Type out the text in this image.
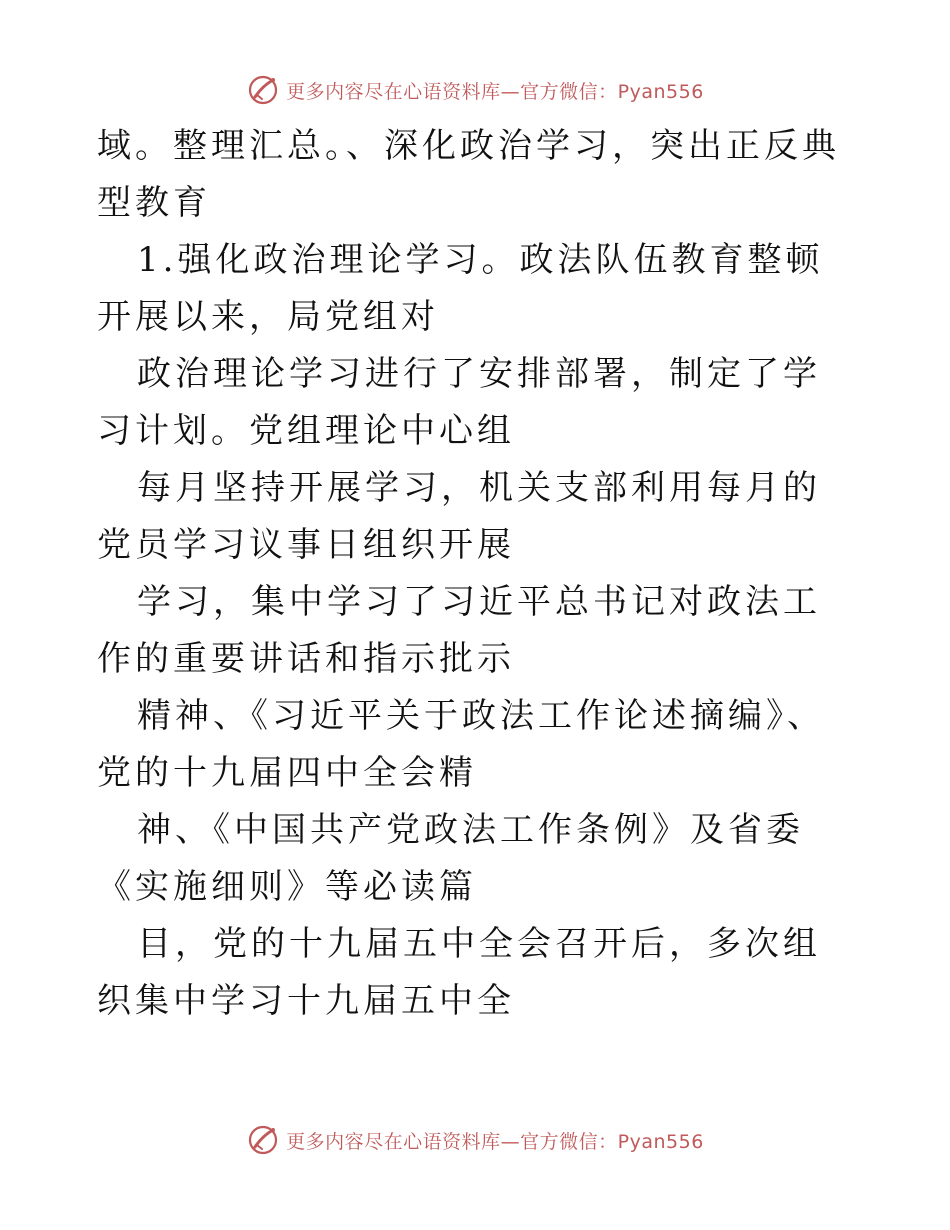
更多内容尽在心语资料库—官方微信：Pyan556

域。整理汇总。、深化政治学习，突出正反典型教育

1.强化政治理论学习。政法队伍教育整顿开展以来，局党组对

政治理论学习进行了安排部署，制定了学习计划。党组理论中心组

每月坚持开展学习，机关支部利用每月的党员学习议事日组织开展

学习，集中学习了习近平总书记对政法工作的重要讲话和指示批示

精神、《习近平关于政法工作论述摘编》、党的十九届四中全会精

神、《中国共产党政法工作条例》及省委《实施细则》等必读篇

目，党的十九届五中全会召开后，多次组织集中学习十九届五中全

更多内容尽在心语资料库—官方微信：Pyan556
